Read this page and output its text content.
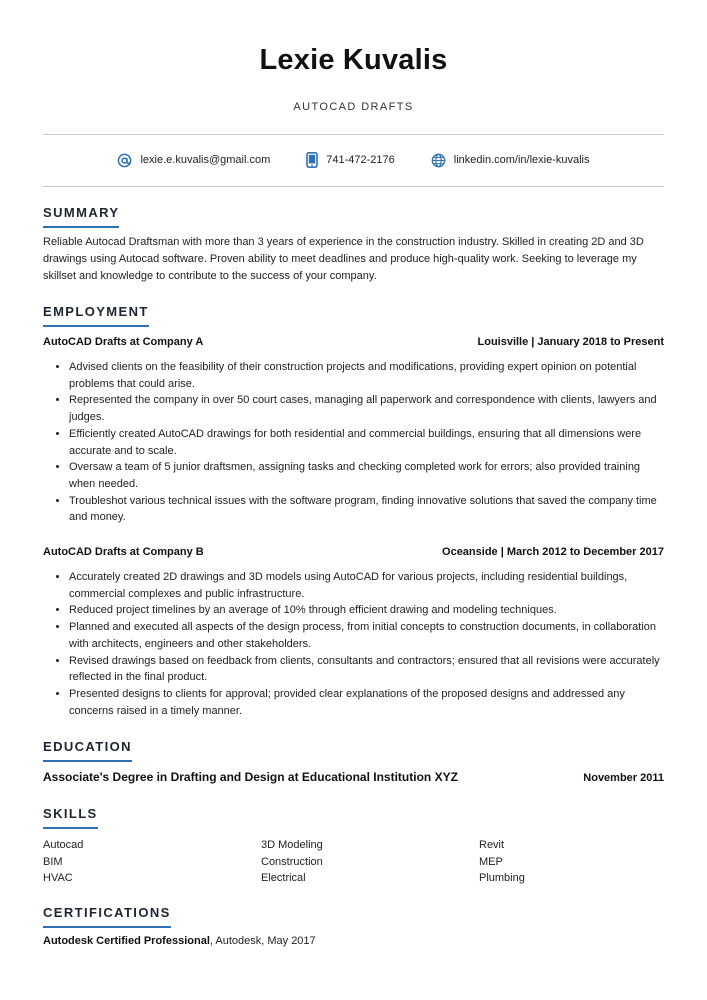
Lexie Kuvalis
AUTOCAD DRAFTS
lexie.e.kuvalis@gmail.com	741-472-2176	linkedin.com/in/lexie-kuvalis
SUMMARY
Reliable Autocad Draftsman with more than 3 years of experience in the construction industry. Skilled in creating 2D and 3D drawings using Autocad software. Proven ability to meet deadlines and produce high-quality work. Seeking to leverage my skillset and knowledge to contribute to the success of your company.
EMPLOYMENT
AutoCAD Drafts at Company A	Louisville | January 2018 to Present
• Advised clients on the feasibility of their construction projects and modifications, providing expert opinion on potential problems that could arise.
• Represented the company in over 50 court cases, managing all paperwork and correspondence with clients, lawyers and judges.
• Efficiently created AutoCAD drawings for both residential and commercial buildings, ensuring that all dimensions were accurate and to scale.
• Oversaw a team of 5 junior draftsmen, assigning tasks and checking completed work for errors; also provided training when needed.
• Troubleshot various technical issues with the software program, finding innovative solutions that saved the company time and money.
AutoCAD Drafts at Company B	Oceanside | March 2012 to December 2017
• Accurately created 2D drawings and 3D models using AutoCAD for various projects, including residential buildings, commercial complexes and public infrastructure.
• Reduced project timelines by an average of 10% through efficient drawing and modeling techniques.
• Planned and executed all aspects of the design process, from initial concepts to construction documents, in collaboration with architects, engineers and other stakeholders.
• Revised drawings based on feedback from clients, consultants and contractors; ensured that all revisions were accurately reflected in the final product.
• Presented designs to clients for approval; provided clear explanations of the proposed designs and addressed any concerns raised in a timely manner.
EDUCATION
Associate's Degree in Drafting and Design at Educational Institution XYZ	November 2011
SKILLS
Autocad	3D Modeling	Revit
BIM	Construction	MEP
HVAC	Electrical	Plumbing
CERTIFICATIONS
Autodesk Certified Professional, Autodesk, May 2017
